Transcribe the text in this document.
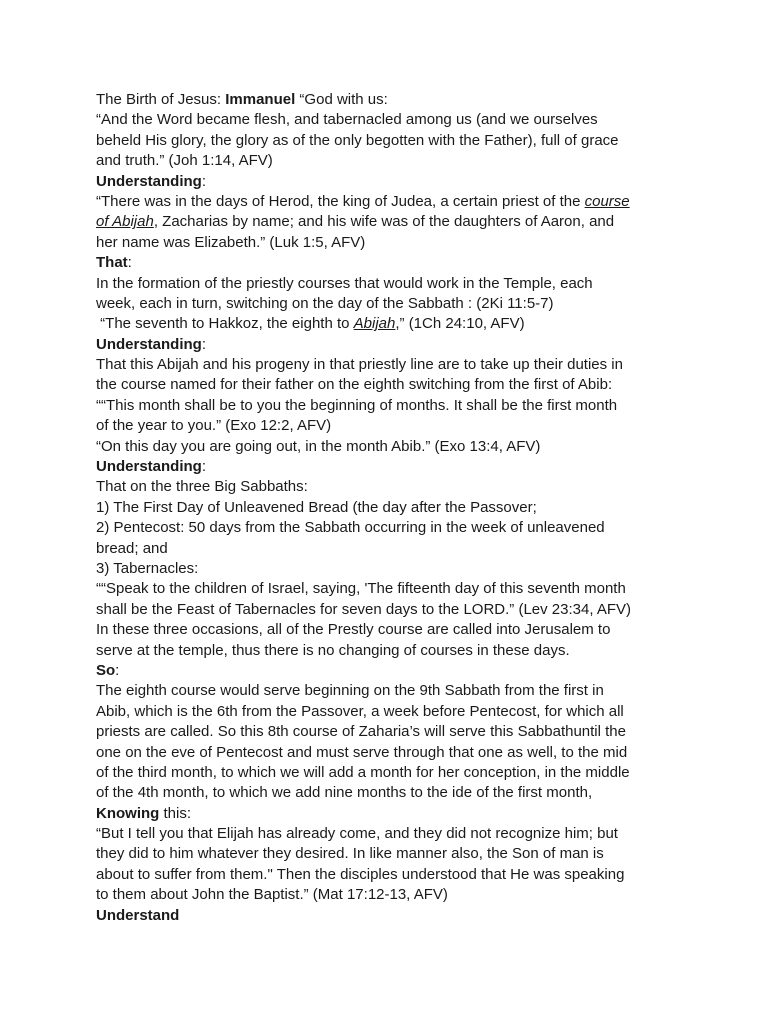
The Birth of Jesus: Immanuel “God with us:
“And the Word became flesh, and tabernacled among us (and we ourselves
beheld His glory, the glory as of the only begotten with the Father), full of grace
and truth.” (Joh 1:14, AFV)
Understanding:
“There was in the days of Herod, the king of Judea, a certain priest of the course
of Abijah, Zacharias by name; and his wife was of the daughters of Aaron, and
her name was Elizabeth.” (Luk 1:5, AFV)
That:
In the formation of the priestly courses that would work in the Temple, each
week, each in turn, switching on the day of the Sabbath : (2Ki 11:5-7)
“The seventh to Hakkoz, the eighth to Abijah,” (1Ch 24:10, AFV)
Understanding:
That this Abijah and his progeny in that priestly line are to take up their duties in
the course named for their father on the eighth switching from the first of Abib:
““This month shall be to you the beginning of months. It shall be the first month
of the year to you.” (Exo 12:2, AFV)
“On this day you are going out, in the month Abib.” (Exo 13:4, AFV)
Understanding:
That on the three Big Sabbaths:
1) The First Day of Unleavened Bread (the day after the Passover;
2) Pentecost: 50 days from the Sabbath occurring in the week of unleavened
bread; and
3) Tabernacles:
““Speak to the children of Israel, saying, 'The fifteenth day of this seventh month
shall be the Feast of Tabernacles for seven days to the LORD.” (Lev 23:34, AFV)
In these three occasions, all of the Prestly course are called into Jerusalem to
serve at the temple, thus there is no changing of courses in these days.
So:
The eighth course would serve beginning on the 9th Sabbath from the first in
Abib, which is the 6th from the Passover, a week before Pentecost, for which all
priests are called. So this 8th course of Zaharia’s will serve this Sabbathuntil the
one on the eve of Pentecost and must serve through that one as well, to the mid
of the third month, to which we will add a month for her conception, in the middle
of the 4th month, to which we add nine months to the ide of the first month,
Knowing this:
“But I tell you that Elijah has already come, and they did not recognize him; but
they did to him whatever they desired. In like manner also, the Son of man is
about to suffer from them." Then the disciples understood that He was speaking
to them about John the Baptist.” (Mat 17:12-13, AFV)
Understand
